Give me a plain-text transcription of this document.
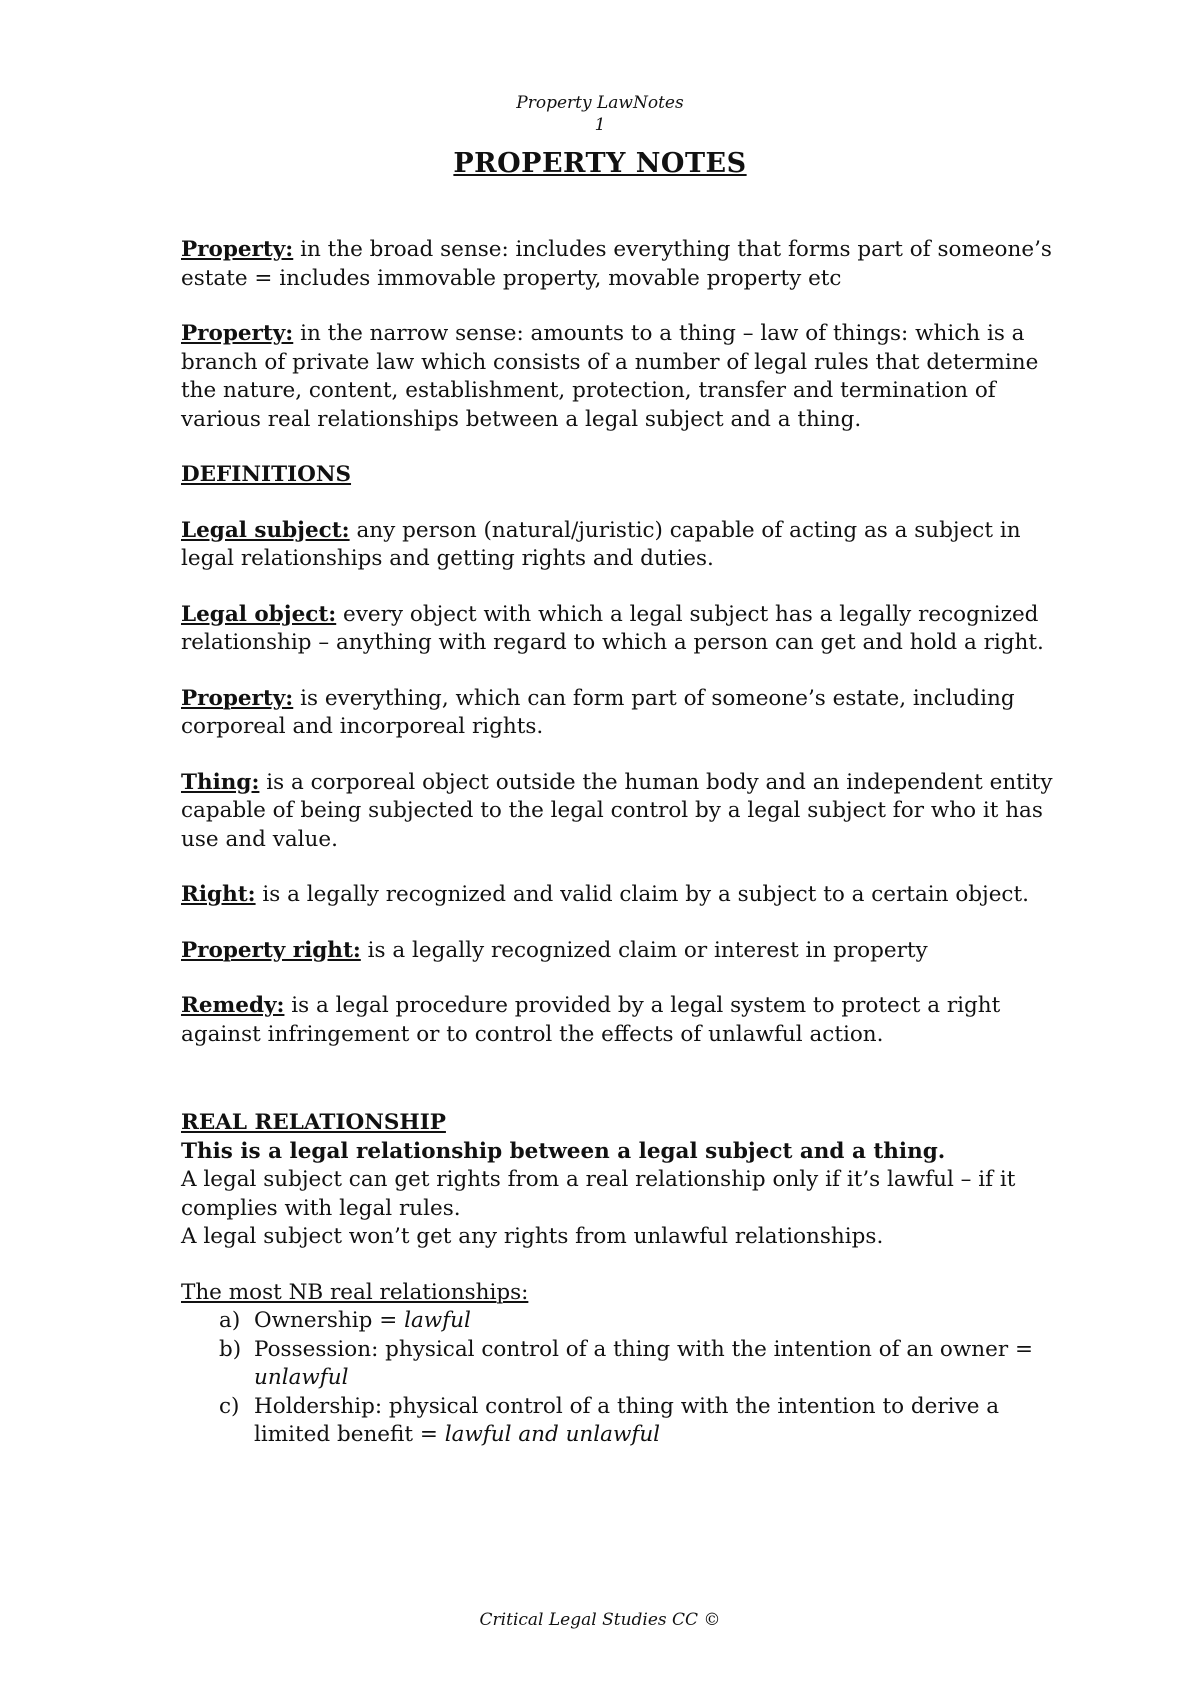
Property LawNotes
1
PROPERTY NOTES

Property: in the broad sense: includes everything that forms part of someone’s estate = includes immovable property, movable property etc

Property: in the narrow sense: amounts to a thing – law of things: which is a branch of private law which consists of a number of legal rules that determine the nature, content, establishment, protection, transfer and termination of various real relationships between a legal subject and a thing.

DEFINITIONS

Legal subject: any person (natural/juristic) capable of acting as a subject in legal relationships and getting rights and duties.

Legal object: every object with which a legal subject has a legally recognized relationship – anything with regard to which a person can get and hold a right.

Property: is everything, which can form part of someone’s estate, including corporeal and incorporeal rights.

Thing: is a corporeal object outside the human body and an independent entity capable of being subjected to the legal control by a legal subject for who it has use and value.

Right: is a legally recognized and valid claim by a subject to a certain object.

Property right: is a legally recognized claim or interest in property

Remedy: is a legal procedure provided by a legal system to protect a right against infringement or to control the effects of unlawful action.

REAL RELATIONSHIP
This is a legal relationship between a legal subject and a thing.
A legal subject can get rights from a real relationship only if it’s lawful – if it complies with legal rules.
A legal subject won’t get any rights from unlawful relationships.
The most NB real relationships:
a) Ownership = lawful
b) Possession: physical control of a thing with the intention of an owner = unlawful
c) Holdership: physical control of a thing with the intention to derive a limited benefit = lawful and unlawful
Critical Legal Studies CC ©
